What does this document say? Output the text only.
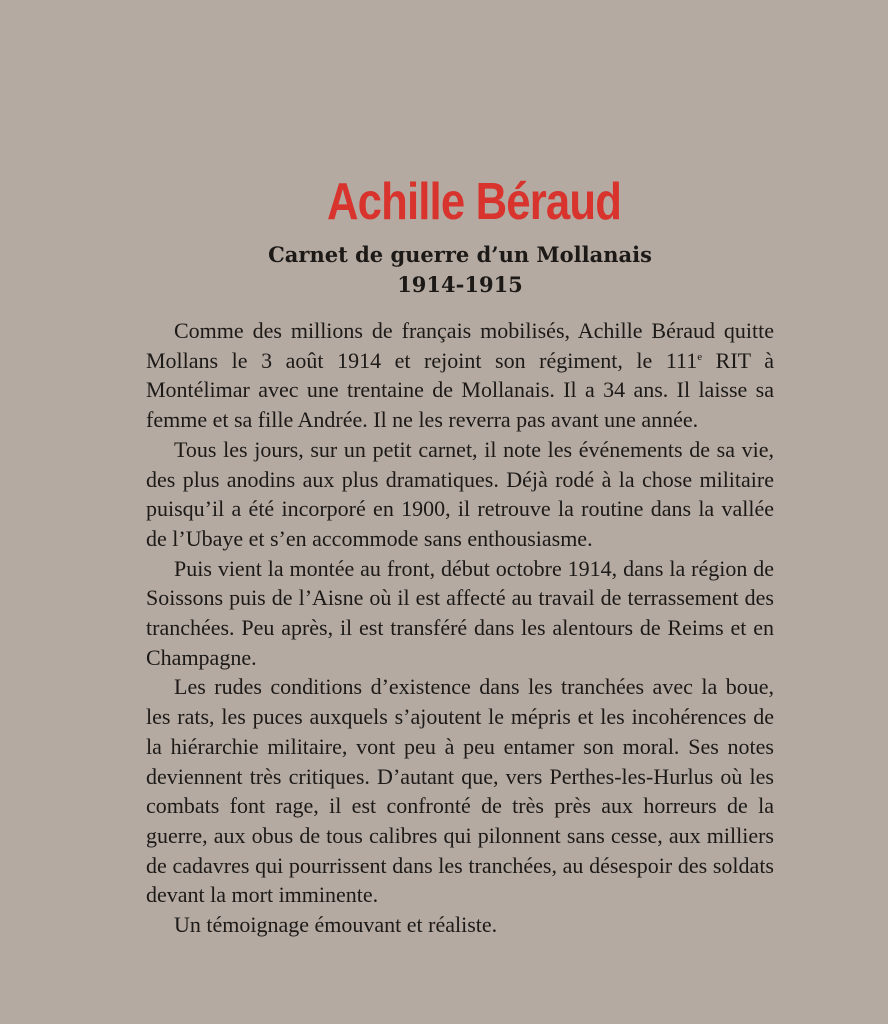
Achille Béraud
Carnet de guerre d’un Mollanais
1914-1915

Comme des millions de français mobilisés, Achille Béraud quitte Mollans le 3 août 1914 et rejoint son régiment, le 111e RIT à Montélimar avec une trentaine de Mollanais. Il a 34 ans. Il laisse sa femme et sa fille Andrée. Il ne les reverra pas avant une année.

Tous les jours, sur un petit carnet, il note les événements de sa vie, des plus anodins aux plus dramatiques. Déjà rodé à la chose militaire puisqu’il a été incorporé en 1900, il retrouve la routine dans la vallée de l’Ubaye et s’en accommode sans enthousiasme.

Puis vient la montée au front, début octobre 1914, dans la région de Soissons puis de l’Aisne où il est affecté au travail de terrassement des tranchées. Peu après, il est transféré dans les alentours de Reims et en Champagne.

Les rudes conditions d’existence dans les tranchées avec la boue, les rats, les puces auxquels s’ajoutent le mépris et les incohérences de la hiérarchie militaire, vont peu à peu entamer son moral. Ses notes deviennent très critiques. D’autant que, vers Perthes-les-Hurlus où les combats font rage, il est confronté de très près aux horreurs de la guerre, aux obus de tous calibres qui pilonnent sans cesse, aux milliers de cadavres qui pourrissent dans les tranchées, au désespoir des soldats devant la mort imminente.

Un témoignage émouvant et réaliste.
